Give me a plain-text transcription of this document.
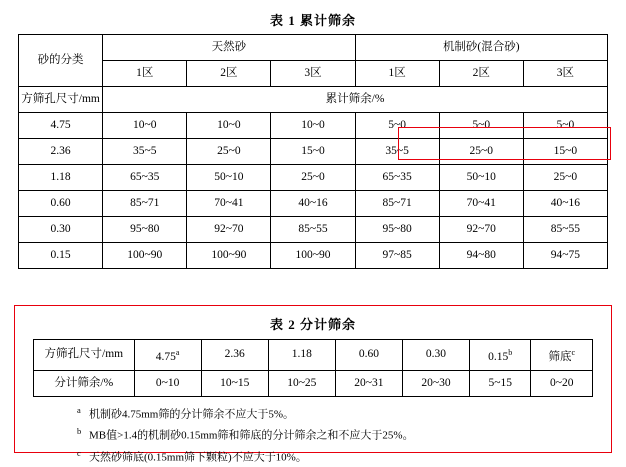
表 1 累计筛余
砂的分类	天然砂			机制砂(混合砂)		
	1区	2区	3区	1区	2区	3区
方筛孔尺寸/mm	累计筛余/%					
4.75	10~0	10~0	10~0	5~0	5~0	5~0
2.36	35~5	25~0	15~0	35~5	25~0	15~0
1.18	65~35	50~10	25~0	65~35	50~10	25~0
0.60	85~71	70~41	40~16	85~71	70~41	40~16
0.30	95~80	92~70	85~55	95~80	92~70	85~55
0.15	100~90	100~90	100~90	97~85	94~80	94~75
表 2 分计筛余
方筛孔尺寸/mm	4.75$^a$	2.36	1.18	0.60	0.30	0.15$^b$	筛底$^c$
分计筛余/%	0~10	10~15	10~25	20~31	20~30	5~15	0~20
a 机制砂4.75mm筛的分计筛余不应大于5%。
b MB值>1.4的机制砂0.15mm筛和筛底的分计筛余之和不应大于25%。
c 天然砂筛底(0.15mm筛下颗粒)不应大于10%。
